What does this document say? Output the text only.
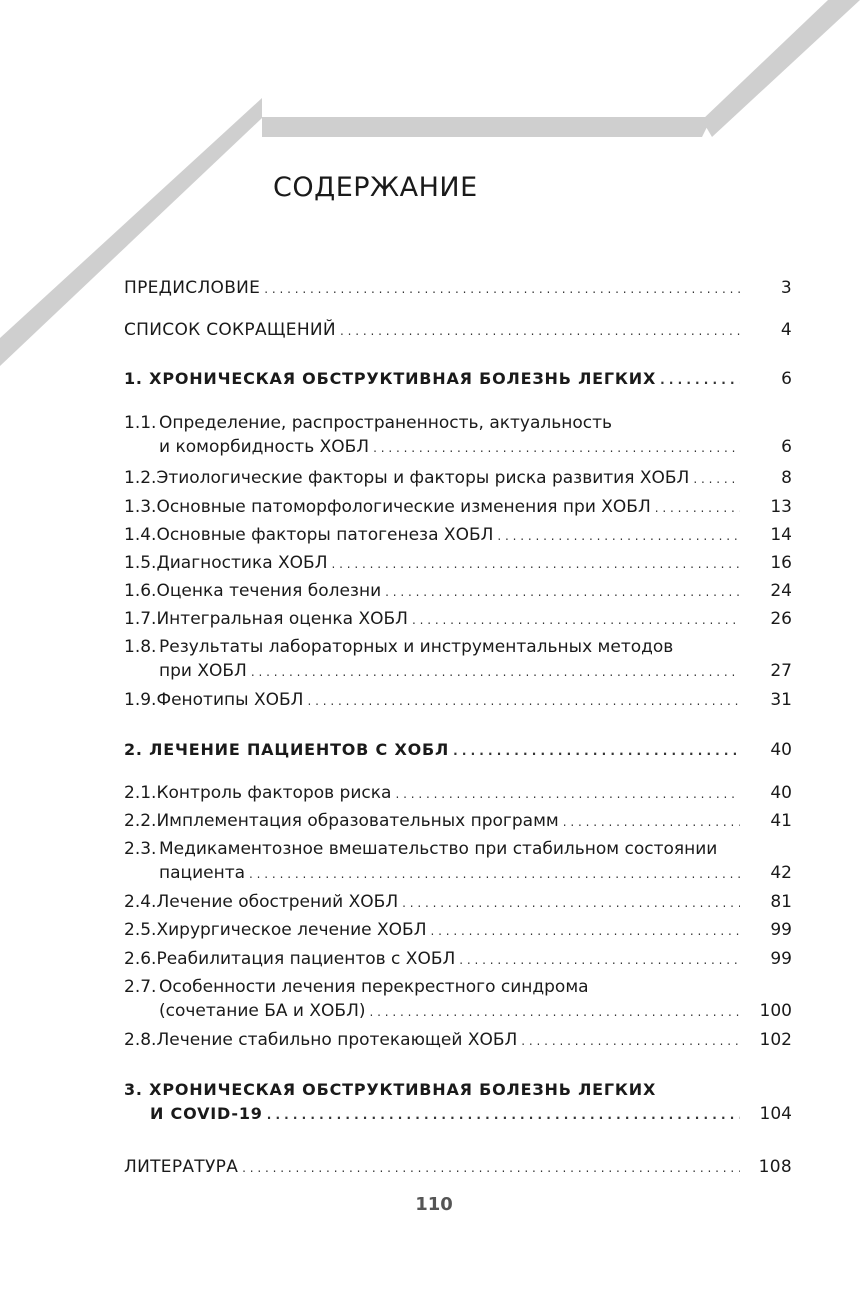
СОДЕРЖАНИЕ
ПРЕДИСЛОВИЕ . . .	3
СПИСОК СОКРАЩЕНИЙ . . .	4
1. ХРОНИЧЕСКАЯ ОБСТРУКТИВНАЯ БОЛЕЗНЬ ЛЕГКИХ . . .	6
1.1. Определение, распространенность, актуальность
и коморбидность ХОБЛ . . .	6
1.2. Этиологические факторы и факторы риска развития ХОБЛ . . .	8
1.3. Основные патоморфологические изменения при ХОБЛ . . .	13
1.4. Основные факторы патогенеза ХОБЛ . . .	14
1.5. Диагностика ХОБЛ . . .	16
1.6. Оценка течения болезни . . .	24
1.7. Интегральная оценка ХОБЛ . . .	26
1.8. Результаты лабораторных и инструментальных методов
при ХОБЛ . . .	27
1.9. Фенотипы ХОБЛ . . .	31
2. ЛЕЧЕНИЕ ПАЦИЕНТОВ С ХОБЛ . . .	40
2.1. Контроль факторов риска . . .	40
2.2. Имплементация образовательных программ . . .	41
2.3. Медикаментозное вмешательство при стабильном состоянии
пациента . . .	42
2.4. Лечение обострений ХОБЛ . . .	81
2.5. Хирургическое лечение ХОБЛ . . .	99
2.6. Реабилитация пациентов с ХОБЛ . . .	99
2.7. Особенности лечения перекрестного синдрома
(сочетание БА и ХОБЛ) . . .	100
2.8. Лечение стабильно протекающей ХОБЛ . . .	102
3. ХРОНИЧЕСКАЯ ОБСТРУКТИВНАЯ БОЛЕЗНЬ ЛЕГКИХ
И COVID-19 . . .	104
ЛИТЕРАТУРА . . .	108
110
